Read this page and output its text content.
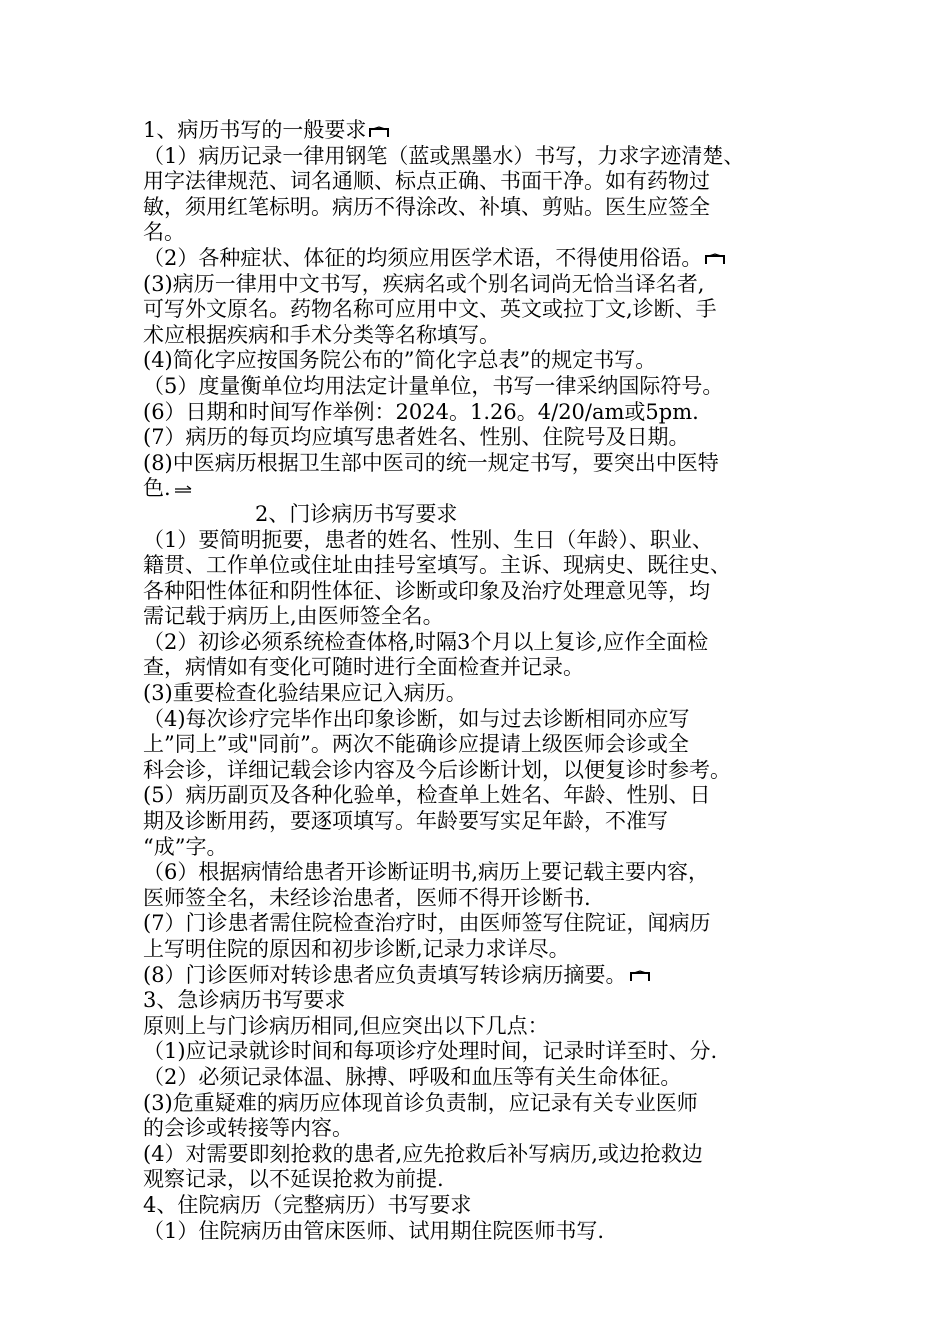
1、病历书写的一般要求
（1）病历记录一律用钢笔（蓝或黑墨水）书写，力求字迹清楚、
用字法律规范、词名通顺、标点正确、书面干净。如有药物过
敏，须用红笔标明。病历不得涂改、补填、剪贴。医生应签全
名。
（2）各种症状、体征的均须应用医学术语，不得使用俗语。
(3)病历一律用中文书写，疾病名或个别名词尚无恰当译名者,
可写外文原名。药物名称可应用中文、英文或拉丁文,诊断、手
术应根据疾病和手术分类等名称填写。
(4)简化字应按国务院公布的”简化字总表”的规定书写。
（5）度量衡单位均用法定计量单位，书写一律采纳国际符号。
(6）日期和时间写作举例：2024。1.26。4/20/am或5pm.
(7）病历的每页均应填写患者姓名、性别、住院号及日期。
(8)中医病历根据卫生部中医司的统一规定书写，要突出中医特
色.
2、门诊病历书写要求
（1）要简明扼要，患者的姓名、性别、生日（年龄）、职业、
籍贯、工作单位或住址由挂号室填写。主诉、现病史、既往史、
各种阳性体征和阴性体征、诊断或印象及治疗处理意见等，均
需记载于病历上,由医师签全名。
（2）初诊必须系统检查体格,时隔3个月以上复诊,应作全面检
查，病情如有变化可随时进行全面检查并记录。
(3)重要检查化验结果应记入病历。
（4)每次诊疗完毕作出印象诊断，如与过去诊断相同亦应写
上”同上”或"同前”。两次不能确诊应提请上级医师会诊或全
科会诊，详细记载会诊内容及今后诊断计划，以便复诊时参考。
(5）病历副页及各种化验单，检查单上姓名、年龄、性别、日
期及诊断用药，要逐项填写。年龄要写实足年龄，不准写
“成”字。
（6）根据病情给患者开诊断证明书,病历上要记载主要内容，
医师签全名，未经诊治患者，医师不得开诊断书.
(7）门诊患者需住院检查治疗时，由医师签写住院证，闻病历
上写明住院的原因和初步诊断,记录力求详尽。
(8）门诊医师对转诊患者应负责填写转诊病历摘要。
3、急诊病历书写要求
原则上与门诊病历相同,但应突出以下几点：
（1)应记录就诊时间和每项诊疗处理时间，记录时详至时、分.
（2）必须记录体温、脉搏、呼吸和血压等有关生命体征。
(3)危重疑难的病历应体现首诊负责制，应记录有关专业医师
的会诊或转接等内容。
(4）对需要即刻抢救的患者,应先抢救后补写病历,或边抢救边
观察记录，以不延误抢救为前提.
4、住院病历（完整病历）书写要求
（1）住院病历由管床医师、试用期住院医师书写.
